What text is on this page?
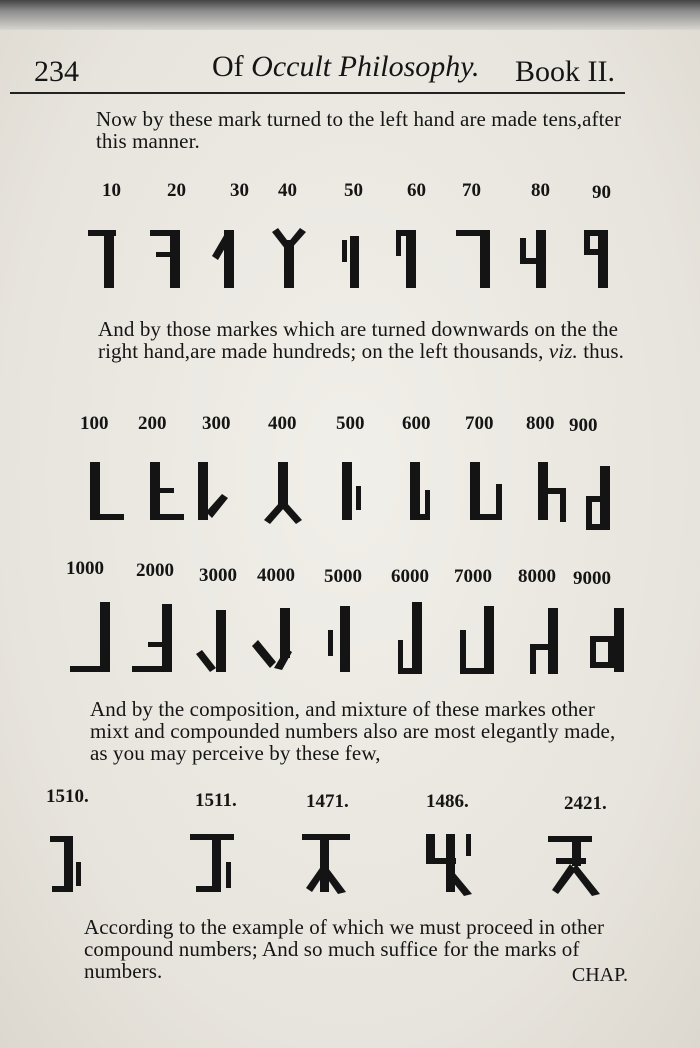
234	Of Occult Philosophy. Book II.
Now by these mark turned to the left hand are made tens,after this manner.
10 20 30 40 50 60 70	80 90
And by those markes which are turned downwards on the the right hand,are made hundreds; on the left thousands, viz. thus.
100 200 300 400 500 600 700 800 900
1000 2000 3000 4000 5000 6000 7000 8000 9000
And by the composition, and mixture of these markes other mixt and compounded numbers also are most elegantly made, as you may perceive by these few,
1510.	1511.	1471.	1486.	2421.
According to the example of which we must proceed in other compound numbers; And so much suffice for the marks of numbers.	CHAP.
